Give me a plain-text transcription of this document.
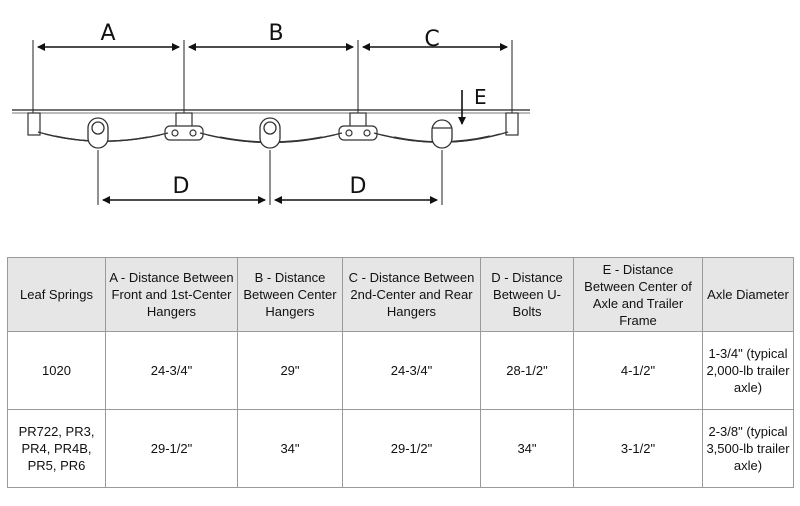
A	B	C
D	D
E
Leaf Springs	A - Distance Between Front and 1st-Center Hangers	B - Distance Between Center Hangers	C - Distance Between 2nd-Center and Rear Hangers	D - Distance Between U-Bolts	E - Distance Between Center of Axle and Trailer Frame	Axle Diameter
1020	24-3/4"	29"	24-3/4"	28-1/2"	4-1/2"	1-3/4" (typical 2,000-lb trailer axle)
PR722, PR3, PR4, PR4B, PR5, PR6	29-1/2"	34"	29-1/2"	34"	3-1/2"	2-3/8" (typical 3,500-lb trailer axle)
